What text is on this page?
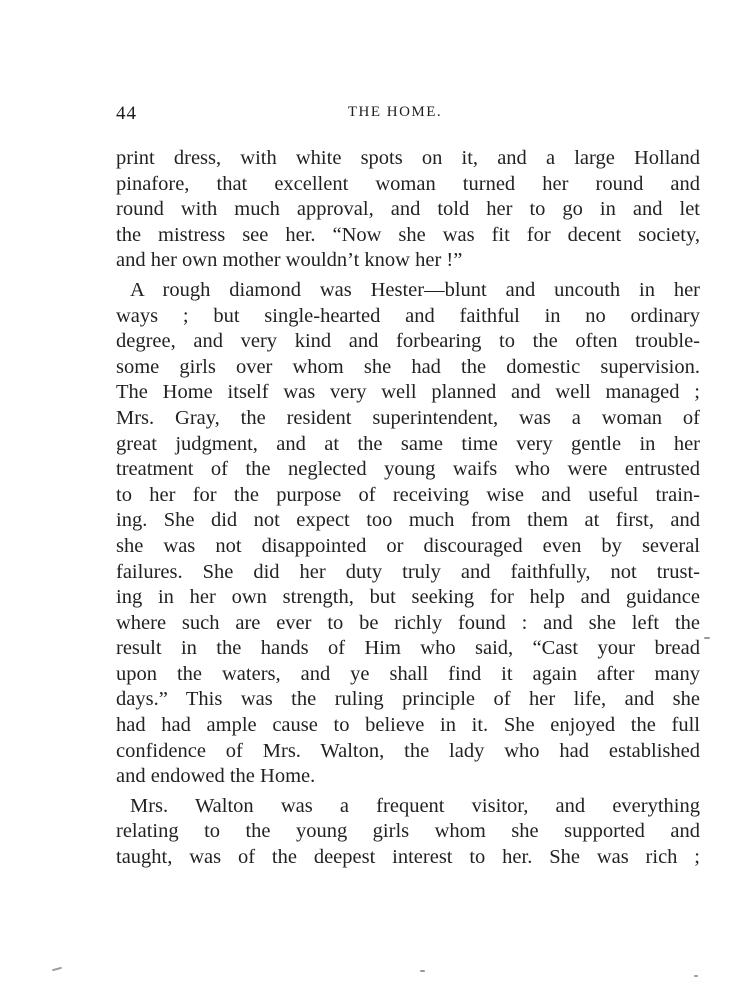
44	THE HOME.
print dress, with white spots on it, and a large Holland
pinafore, that excellent woman turned her round and
round with much approval, and told her to go in and let
the mistress see her. “Now she was fit for decent society,
and her own mother wouldn’t know her !”
A rough diamond was Hester—blunt and uncouth in her
ways ; but single-hearted and faithful in no ordinary
degree, and very kind and forbearing to the often trouble-
some girls over whom she had the domestic supervision.
The Home itself was very well planned and well managed ;
Mrs. Gray, the resident superintendent, was a woman of
great judgment, and at the same time very gentle in her
treatment of the neglected young waifs who were entrusted
to her for the purpose of receiving wise and useful train-
ing. She did not expect too much from them at first, and
she was not disappointed or discouraged even by several
failures. She did her duty truly and faithfully, not trust-
ing in her own strength, but seeking for help and guidance
where such are ever to be richly found : and she left the
result in the hands of Him who said, “Cast your bread
upon the waters, and ye shall find it again after many
days.” This was the ruling principle of her life, and she
had had ample cause to believe in it. She enjoyed the full
confidence of Mrs. Walton, the lady who had established
and endowed the Home.
Mrs. Walton was a frequent visitor, and everything
relating to the young girls whom she supported and
taught, was of the deepest interest to her. She was rich ;
